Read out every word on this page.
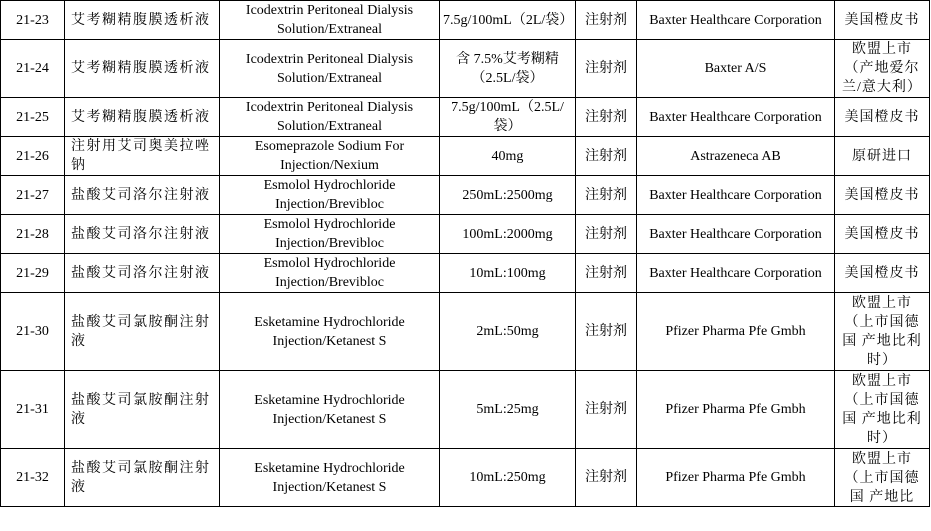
21-23	艾考糊精腹膜透析液	Icodextrin Peritoneal Dialysis Solution/Extraneal	7.5g/100mL（2L/袋）	注射剂	Baxter Healthcare Corporation	美国橙皮书
21-24	艾考糊精腹膜透析液	Icodextrin Peritoneal Dialysis Solution/Extraneal	含 7.5%艾考糊精（2.5L/袋）	注射剂	Baxter A/S	欧盟上市（产地爱尔兰/意大利）
21-25	艾考糊精腹膜透析液	Icodextrin Peritoneal Dialysis Solution/Extraneal	7.5g/100mL（2.5L/袋）	注射剂	Baxter Healthcare Corporation	美国橙皮书
21-26	注射用艾司奥美拉唑钠	Esomeprazole Sodium For Injection/Nexium	40mg	注射剂	Astrazeneca AB	原研进口
21-27	盐酸艾司洛尔注射液	Esmolol Hydrochloride Injection/Brevibloc	250mL:2500mg	注射剂	Baxter Healthcare Corporation	美国橙皮书
21-28	盐酸艾司洛尔注射液	Esmolol Hydrochloride Injection/Brevibloc	100mL:2000mg	注射剂	Baxter Healthcare Corporation	美国橙皮书
21-29	盐酸艾司洛尔注射液	Esmolol Hydrochloride Injection/Brevibloc	10mL:100mg	注射剂	Baxter Healthcare Corporation	美国橙皮书
21-30	盐酸艾司氯胺酮注射液	Esketamine Hydrochloride Injection/Ketanest S	2mL:50mg	注射剂	Pfizer Pharma Pfe Gmbh	欧盟上市（上市国德国 产地比利时）
21-31	盐酸艾司氯胺酮注射液	Esketamine Hydrochloride Injection/Ketanest S	5mL:25mg	注射剂	Pfizer Pharma Pfe Gmbh	欧盟上市（上市国德国 产地比利时）
21-32	盐酸艾司氯胺酮注射液	Esketamine Hydrochloride Injection/Ketanest S	10mL:250mg	注射剂	Pfizer Pharma Pfe Gmbh	欧盟上市（上市国德国 产地比
